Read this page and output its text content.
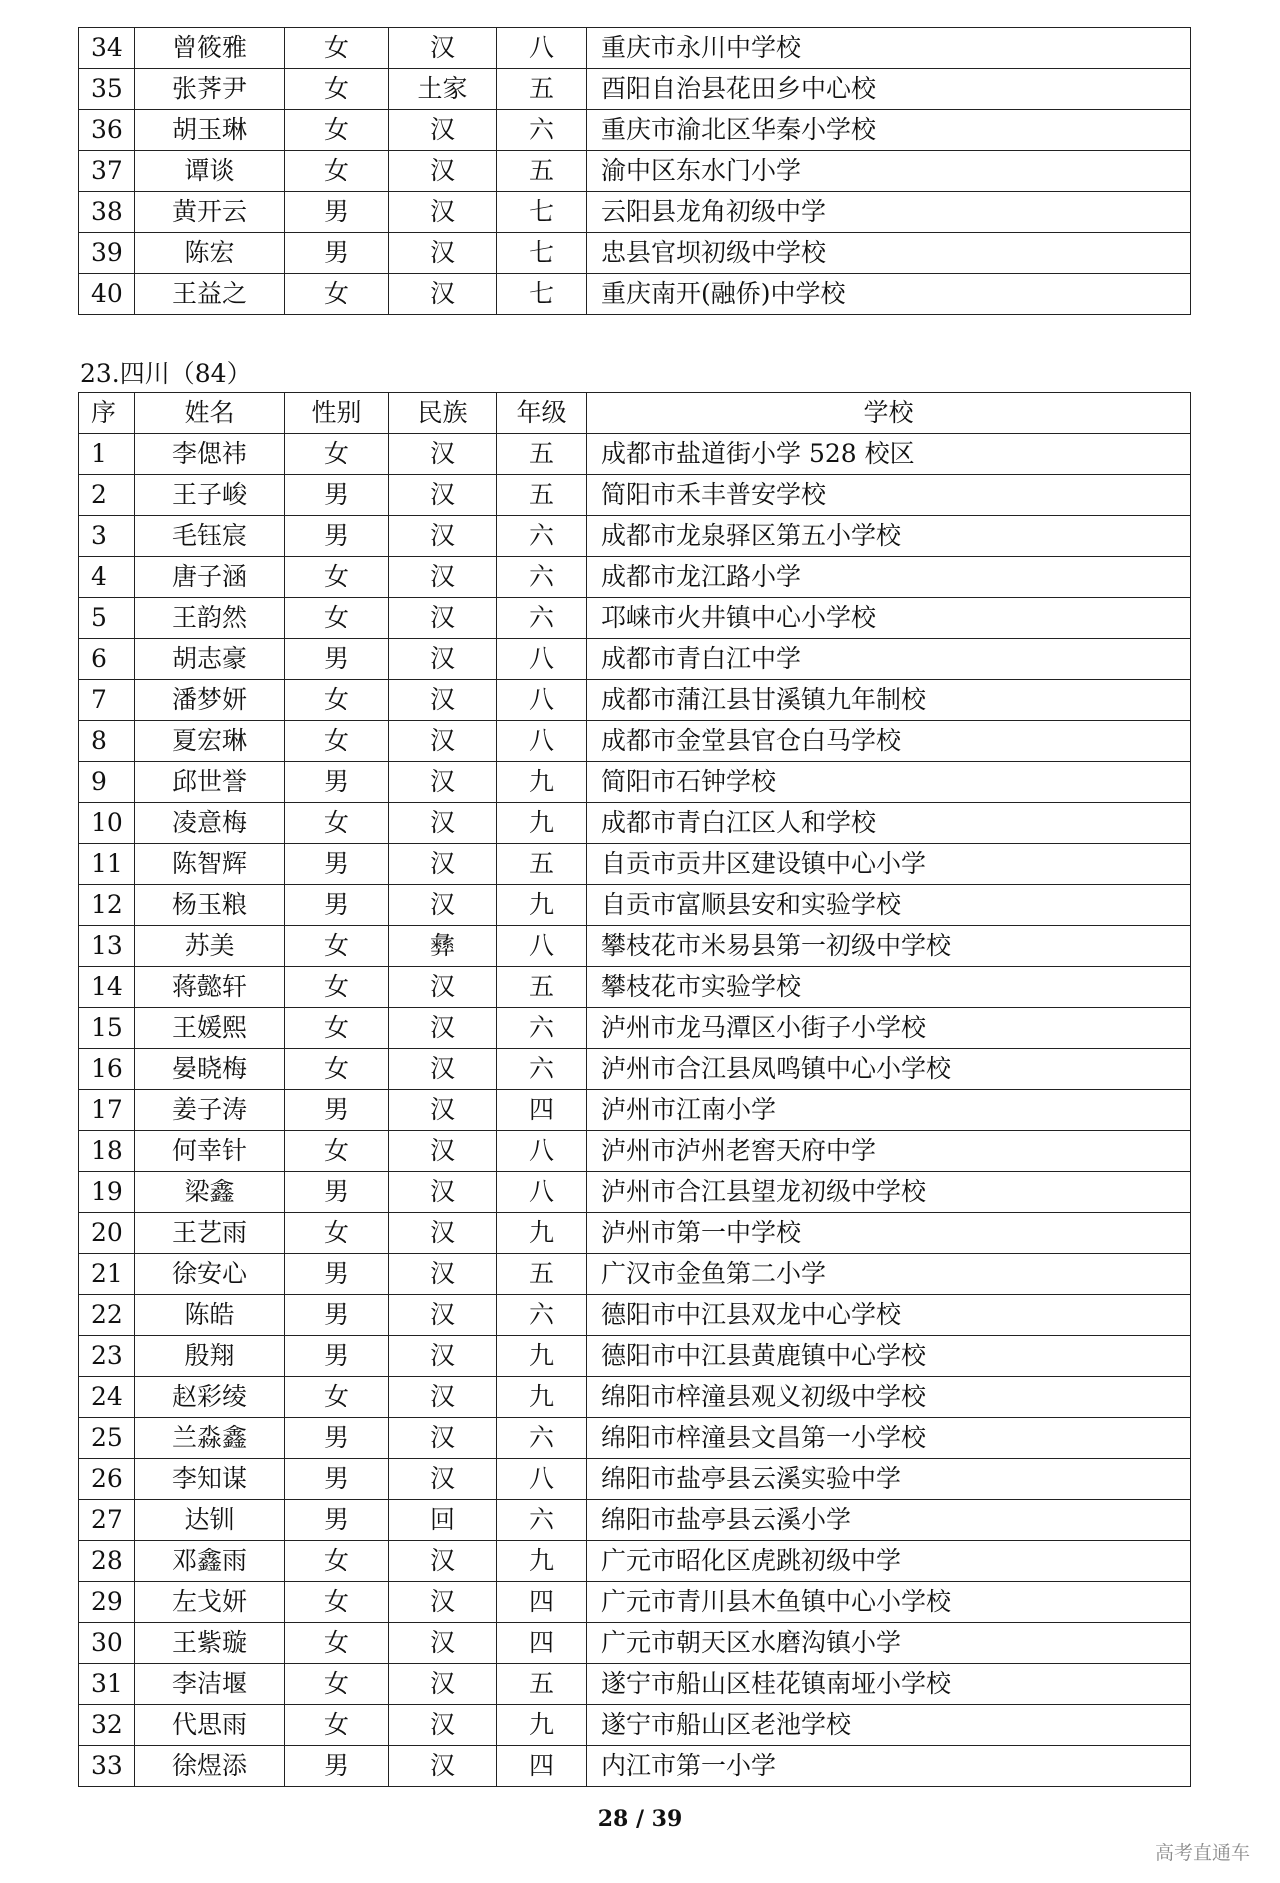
34	曾筱雅	女	汉	八	重庆市永川中学校
35	张荠尹	女	土家	五	酉阳自治县花田乡中心校
36	胡玉琳	女	汉	六	重庆市渝北区华秦小学校
37	谭谈	女	汉	五	渝中区东水门小学
38	黄开云	男	汉	七	云阳县龙角初级中学
39	陈宏	男	汉	七	忠县官坝初级中学校
40	王益之	女	汉	七	重庆南开(融侨)中学校
23.四川（84）
序	姓名	性别	民族	年级	学校
1	李偲祎	女	汉	五	成都市盐道街小学 528 校区
2	王子峻	男	汉	五	简阳市禾丰普安学校
3	毛钰宸	男	汉	六	成都市龙泉驿区第五小学校
4	唐子涵	女	汉	六	成都市龙江路小学
5	王韵然	女	汉	六	邛崃市火井镇中心小学校
6	胡志豪	男	汉	八	成都市青白江中学
7	潘梦妍	女	汉	八	成都市蒲江县甘溪镇九年制校
8	夏宏琳	女	汉	八	成都市金堂县官仓白马学校
9	邱世誉	男	汉	九	简阳市石钟学校
10	凌意梅	女	汉	九	成都市青白江区人和学校
11	陈智辉	男	汉	五	自贡市贡井区建设镇中心小学
12	杨玉粮	男	汉	九	自贡市富顺县安和实验学校
13	苏美	女	彝	八	攀枝花市米易县第一初级中学校
14	蒋懿轩	女	汉	五	攀枝花市实验学校
15	王媛熙	女	汉	六	泸州市龙马潭区小街子小学校
16	晏晓梅	女	汉	六	泸州市合江县凤鸣镇中心小学校
17	姜子涛	男	汉	四	泸州市江南小学
18	何幸针	女	汉	八	泸州市泸州老窖天府中学
19	梁鑫	男	汉	八	泸州市合江县望龙初级中学校
20	王艺雨	女	汉	九	泸州市第一中学校
21	徐安心	男	汉	五	广汉市金鱼第二小学
22	陈皓	男	汉	六	德阳市中江县双龙中心学校
23	殷翔	男	汉	九	德阳市中江县黄鹿镇中心学校
24	赵彩绫	女	汉	九	绵阳市梓潼县观义初级中学校
25	兰淼鑫	男	汉	六	绵阳市梓潼县文昌第一小学校
26	李知谋	男	汉	八	绵阳市盐亭县云溪实验中学
27	达钏	男	回	六	绵阳市盐亭县云溪小学
28	邓鑫雨	女	汉	九	广元市昭化区虎跳初级中学
29	左戈妍	女	汉	四	广元市青川县木鱼镇中心小学校
30	王紫璇	女	汉	四	广元市朝天区水磨沟镇小学
31	李洁堰	女	汉	五	遂宁市船山区桂花镇南垭小学校
32	代思雨	女	汉	九	遂宁市船山区老池学校
33	徐煜添	男	汉	四	内江市第一小学
28 / 39
高考直通车
